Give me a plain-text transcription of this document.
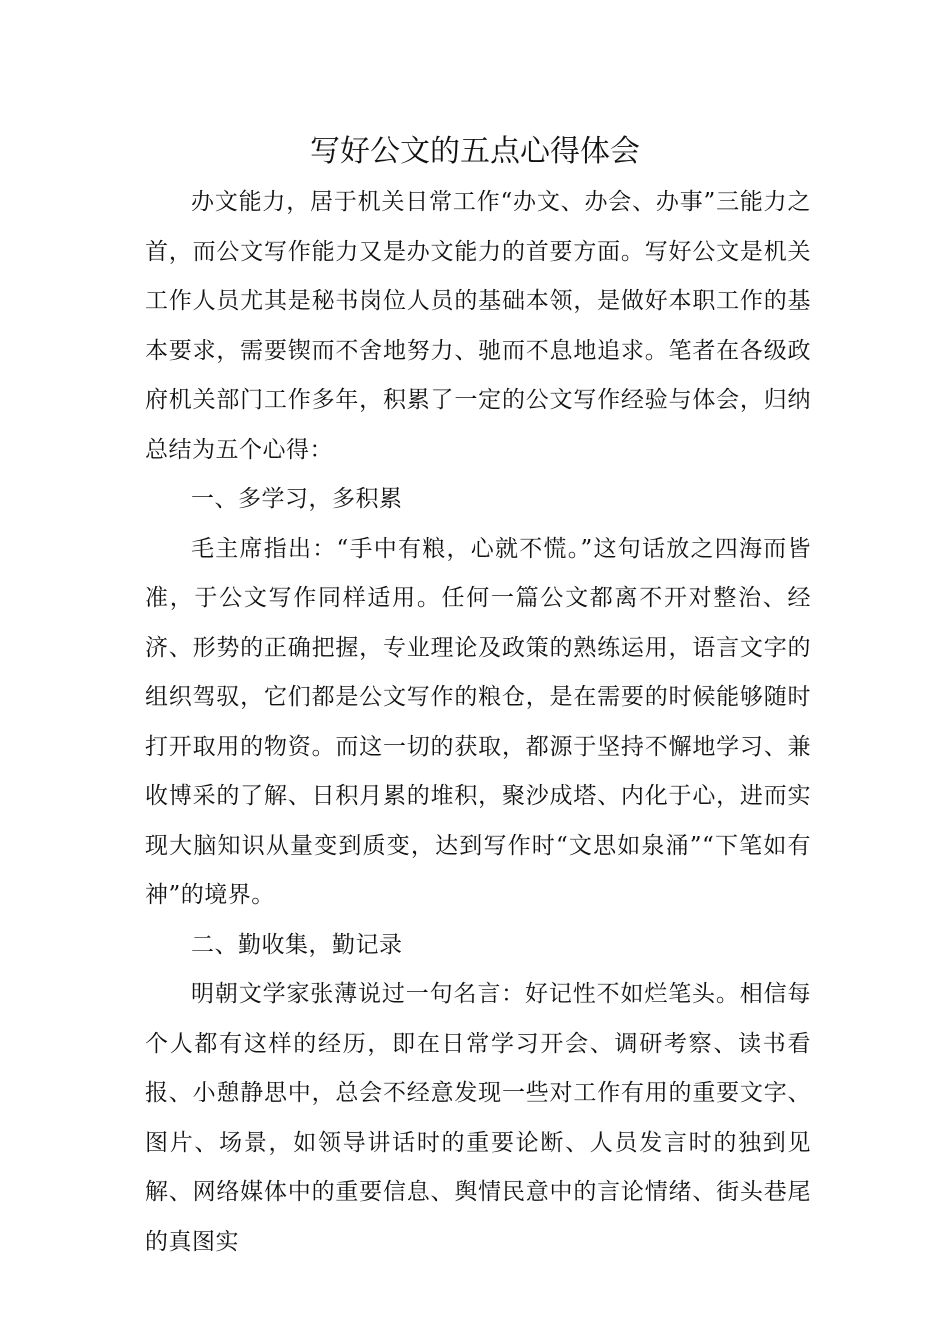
写好公文的五点心得体会

办文能力，居于机关日常工作“办文、办会、办事”三能力之首，而公文写作能力又是办文能力的首要方面。写好公文是机关工作人员尤其是秘书岗位人员的基础本领，是做好本职工作的基本要求，需要锲而不舍地努力、驰而不息地追求。笔者在各级政府机关部门工作多年，积累了一定的公文写作经验与体会，归纳总结为五个心得：

一、多学习，多积累

毛主席指出：“手中有粮，心就不慌。”这句话放之四海而皆准，于公文写作同样适用。任何一篇公文都离不开对整治、经济、形势的正确把握，专业理论及政策的熟练运用，语言文字的组织驾驭，它们都是公文写作的粮仓，是在需要的时候能够随时打开取用的物资。而这一切的获取，都源于坚持不懈地学习、兼收博采的了解、日积月累的堆积，聚沙成塔、内化于心，进而实现大脑知识从量变到质变，达到写作时“文思如泉涌”“下笔如有神”的境界。

二、勤收集，勤记录

明朝文学家张薄说过一句名言：好记性不如烂笔头。相信每个人都有这样的经历，即在日常学习开会、调研考察、读书看报、小憩静思中，总会不经意发现一些对工作有用的重要文字、图片、场景，如领导讲话时的重要论断、人员发言时的独到见解、网络媒体中的重要信息、舆情民意中的言论情绪、街头巷尾的真图实
